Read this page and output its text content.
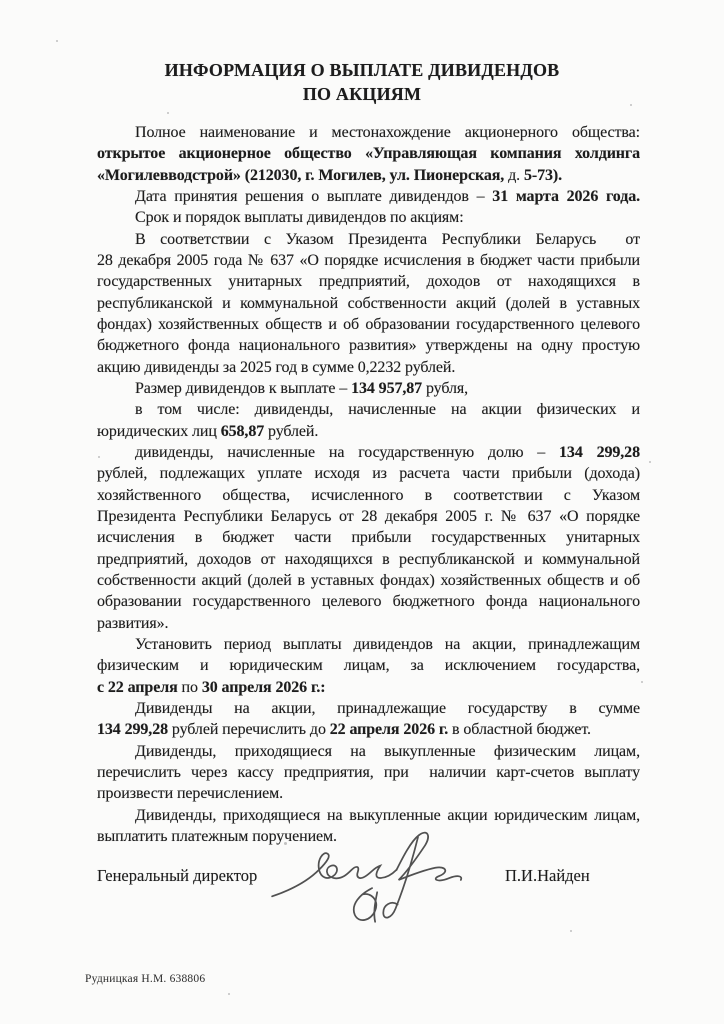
ИНФОРМАЦИЯ О ВЫПЛАТЕ ДИВИДЕНДОВ
ПО АКЦИЯМ
Полное наименование и местонахождение акционерного общества:
открытое акционерное общество «Управляющая компания холдинга
«Могилевводстрой» (212030, г. Могилев, ул. Пионерская, д. 5-73).
Дата принятия решения о выплате дивидендов – 31 марта 2026 года.
Срок и порядок выплаты дивидендов по акциям:
В соответствии с Указом Президента Республики Беларусь  от
28 декабря 2005 года № 637 «О порядке исчисления в бюджет части прибыли
государственных унитарных предприятий, доходов от находящихся в
республиканской и коммунальной собственности акций (долей в уставных
фондах) хозяйственных обществ и об образовании государственного целевого
бюджетного фонда национального развития» утверждены на одну простую
акцию дивиденды за 2025 год в сумме 0,2232 рублей.
Размер дивидендов к выплате – 134 957,87 рубля,
в том числе: дивиденды, начисленные на акции физических и
юридических лиц 658,87 рублей.
дивиденды, начисленные на государственную долю – 134 299,28
рублей, подлежащих уплате исходя из расчета части прибыли (дохода)
хозяйственного общества, исчисленного в соответствии с Указом
Президента Республики Беларусь от 28 декабря 2005 г. № 637 «О порядке
исчисления в бюджет части прибыли государственных унитарных
предприятий, доходов от находящихся в республиканской и коммунальной
собственности акций (долей в уставных фондах) хозяйственных обществ и об
образовании государственного целевого бюджетного фонда национального
развития».
Установить период выплаты дивидендов на акции, принадлежащим
физическим и юридическим лицам, за исключением государства,
с 22 апреля по 30 апреля 2026 г.:
Дивиденды на акции, принадлежащие государству в сумме
134 299,28 рублей перечислить до 22 апреля 2026 г. в областной бюджет.
Дивиденды, приходящиеся на выкупленные физическим лицам,
перечислить через кассу предприятия, при  наличии карт-счетов выплату
произвести перечислением.
Дивиденды, приходящиеся на выкупленные акции юридическим лицам,
выплатить платежным поручением.
Генеральный директор	П.И.Найден
Рудницкая Н.М. 638806
